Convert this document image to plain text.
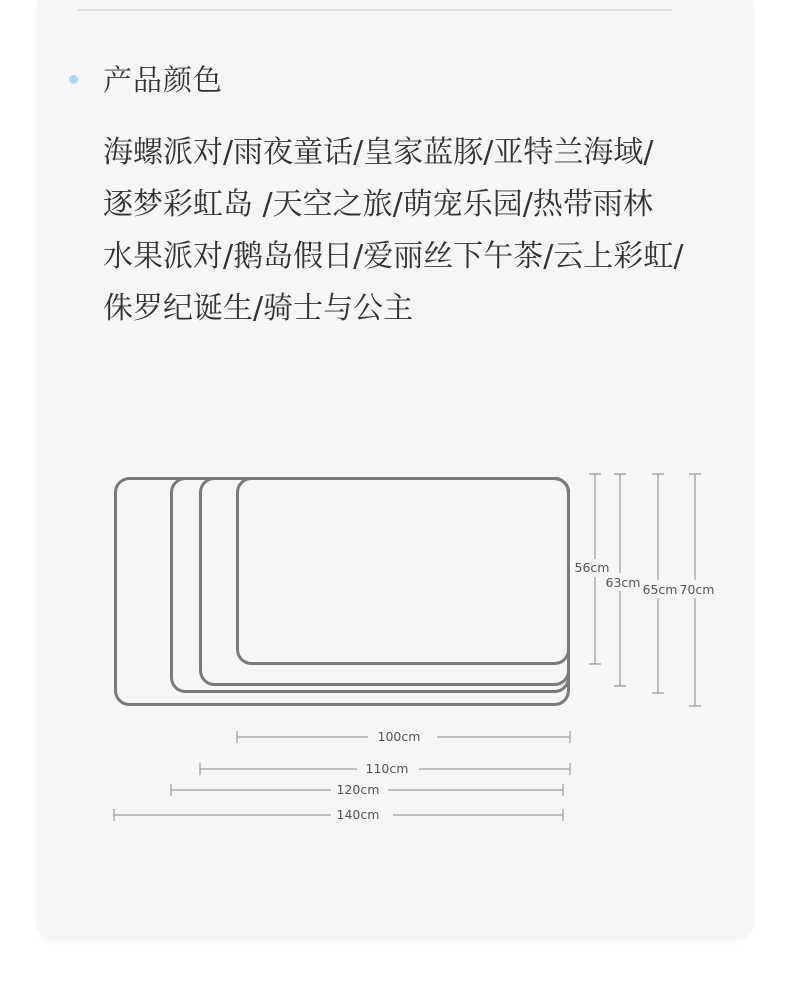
产品颜色
海螺派对/雨夜童话/皇家蓝豚/亚特兰海域/
逐梦彩虹岛 /天空之旅/萌宠乐园/热带雨林
水果派对/鹅岛假日/爱丽丝下午茶/云上彩虹/
侏罗纪诞生/骑士与公主
100cm
110cm
120cm
140cm
56cm
63cm 65cm 70cm
